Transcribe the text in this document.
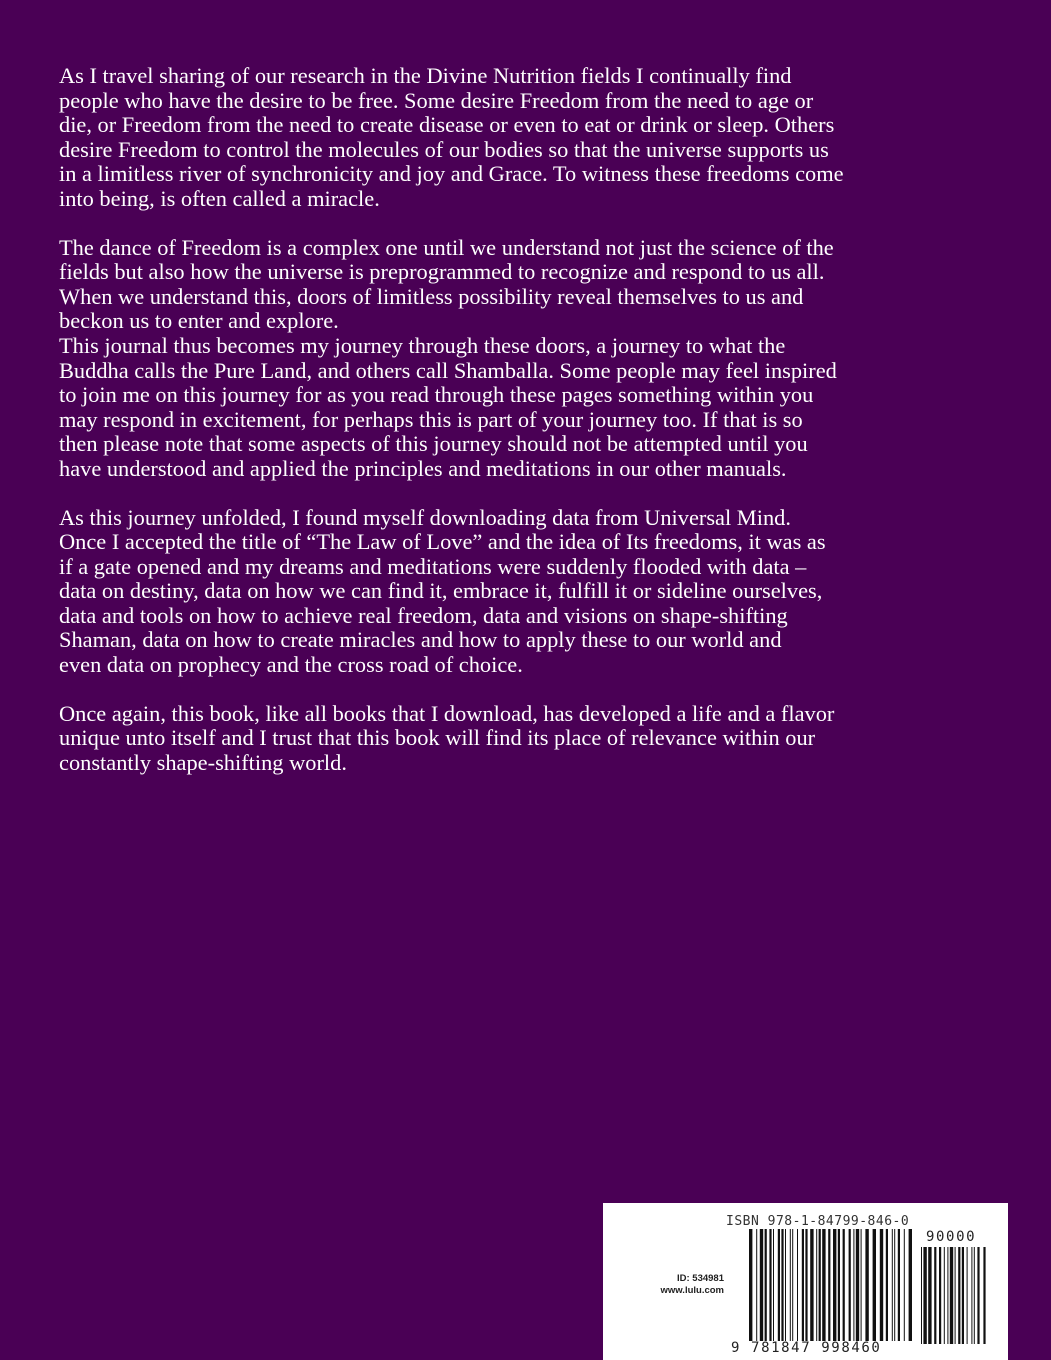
As I travel sharing of our research in the Divine Nutrition fields I continually find
people who have the desire to be free. Some desire Freedom from the need to age or
die, or Freedom from the need to create disease or even to eat or drink or sleep. Others
desire Freedom to control the molecules of our bodies so that the universe supports us
in a limitless river of synchronicity and joy and Grace. To witness these freedoms come
into being, is often called a miracle.

The dance of Freedom is a complex one until we understand not just the science of the
fields but also how the universe is preprogrammed to recognize and respond to us all.
When we understand this, doors of limitless possibility reveal themselves to us and
beckon us to enter and explore.

This journal thus becomes my journey through these doors, a journey to what the
Buddha calls the Pure Land, and others call Shamballa. Some people may feel inspired
to join me on this journey for as you read through these pages something within you
may respond in excitement, for perhaps this is part of your journey too. If that is so
then please note that some aspects of this journey should not be attempted until you
have understood and applied the principles and meditations in our other manuals.

As this journey unfolded, I found myself downloading data from Universal Mind.
Once I accepted the title of “The Law of Love” and the idea of Its freedoms, it was as
if a gate opened and my dreams and meditations were suddenly flooded with data –
data on destiny, data on how we can find it, embrace it, fulfill it or sideline ourselves,
data and tools on how to achieve real freedom, data and visions on shape-shifting
Shaman, data on how to create miracles and how to apply these to our world and
even data on prophecy and the cross road of choice.

Once again, this book, like all books that I download, has developed a life and a flavor
unique unto itself and I trust that this book will find its place of relevance within our
constantly shape-shifting world.

ID: 534981
www.lulu.com
ISBN 978-1-84799-846-0
9 781847 998460
90000
